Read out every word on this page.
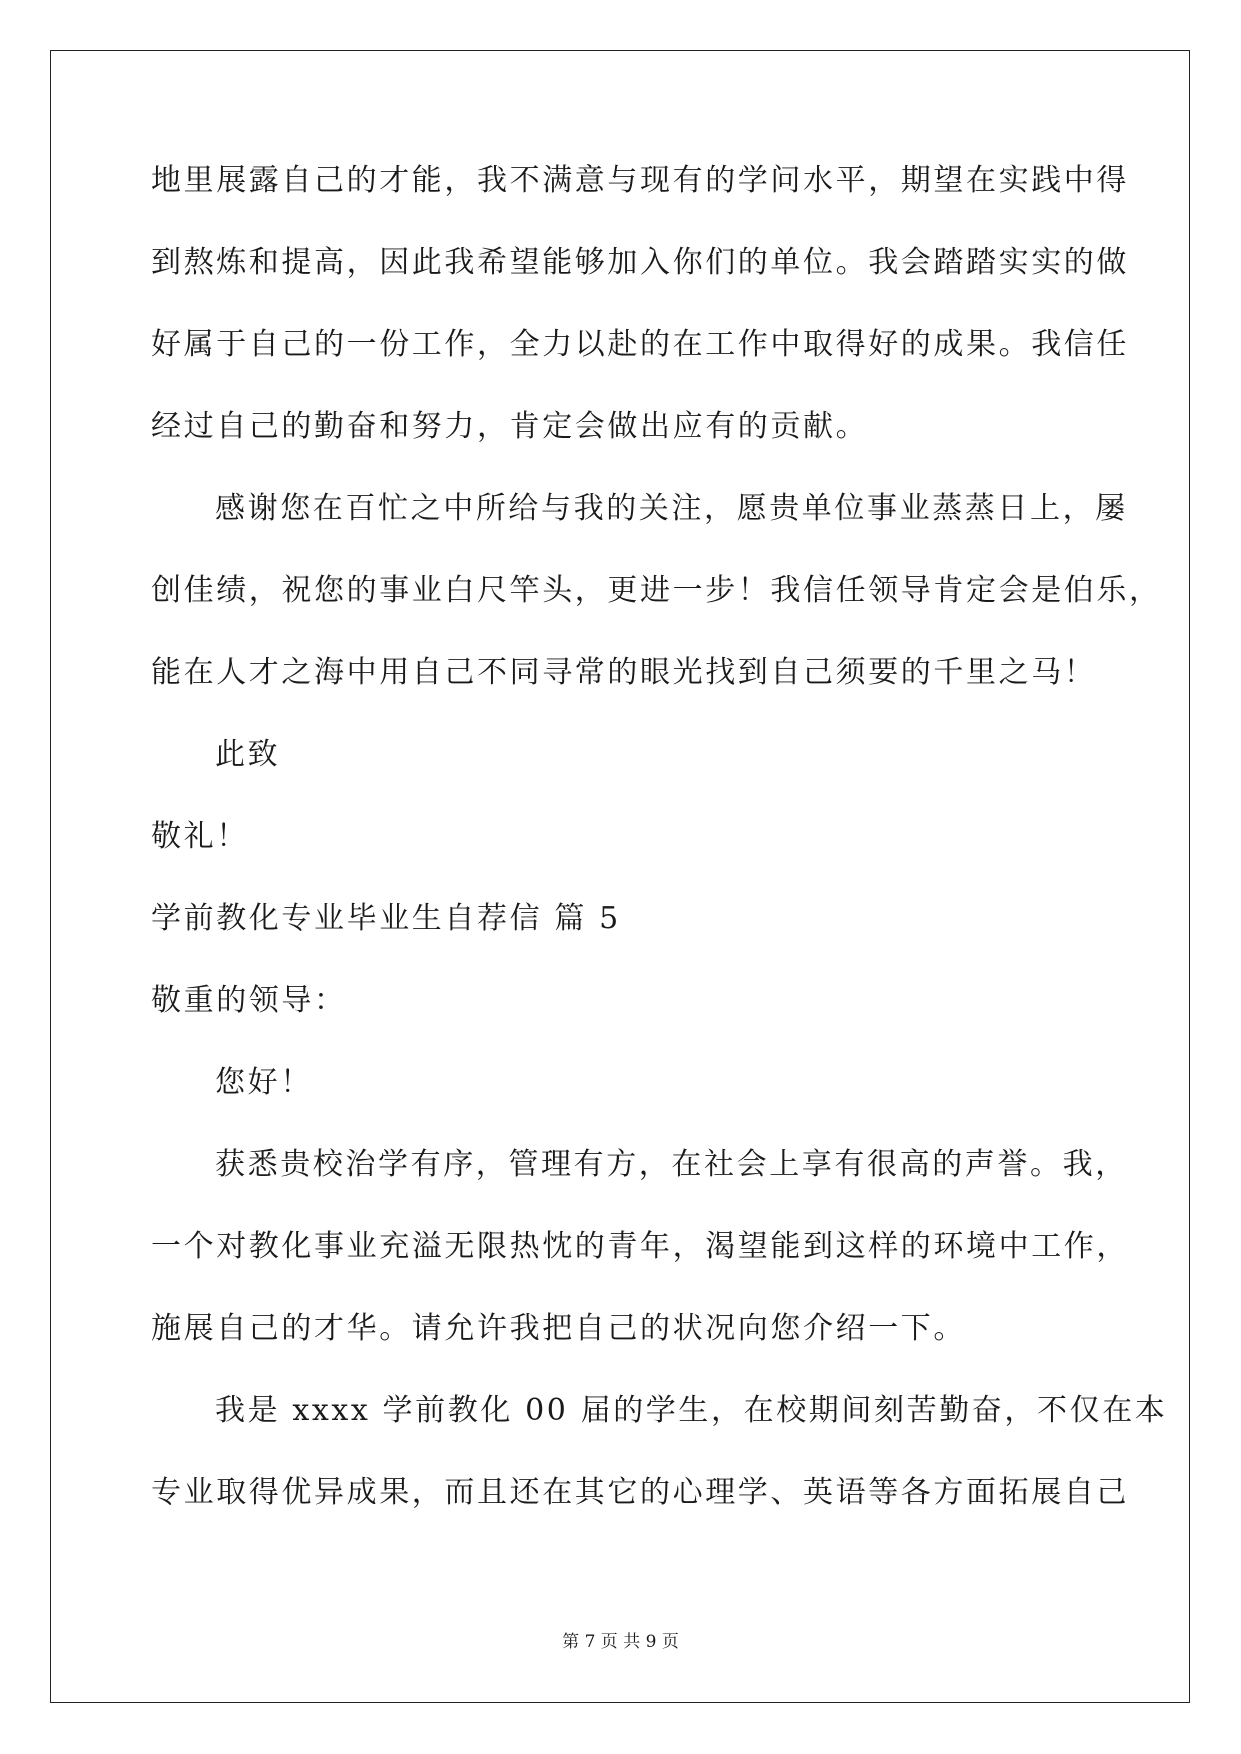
地里展露自己的才能，我不满意与现有的学问水平，期望在实践中得
到熬炼和提高，因此我希望能够加入你们的单位。我会踏踏实实的做
好属于自己的一份工作，全力以赴的在工作中取得好的成果。我信任
经过自己的勤奋和努力，肯定会做出应有的贡献。
感谢您在百忙之中所给与我的关注，愿贵单位事业蒸蒸日上，屡
创佳绩，祝您的事业白尺竿头，更进一步！我信任领导肯定会是伯乐，
能在人才之海中用自己不同寻常的眼光找到自己须要的千里之马！
此致
敬礼！
学前教化专业毕业生自荐信 篇 5
敬重的领导：
您好！
获悉贵校治学有序，管理有方，在社会上享有很高的声誉。我，
一个对教化事业充溢无限热忱的青年，渴望能到这样的环境中工作，
施展自己的才华。请允许我把自己的状况向您介绍一下。
我是 xxxx 学前教化 00 届的学生，在校期间刻苦勤奋，不仅在本
专业取得优异成果，而且还在其它的心理学、英语等各方面拓展自己
第 7 页 共 9 页
